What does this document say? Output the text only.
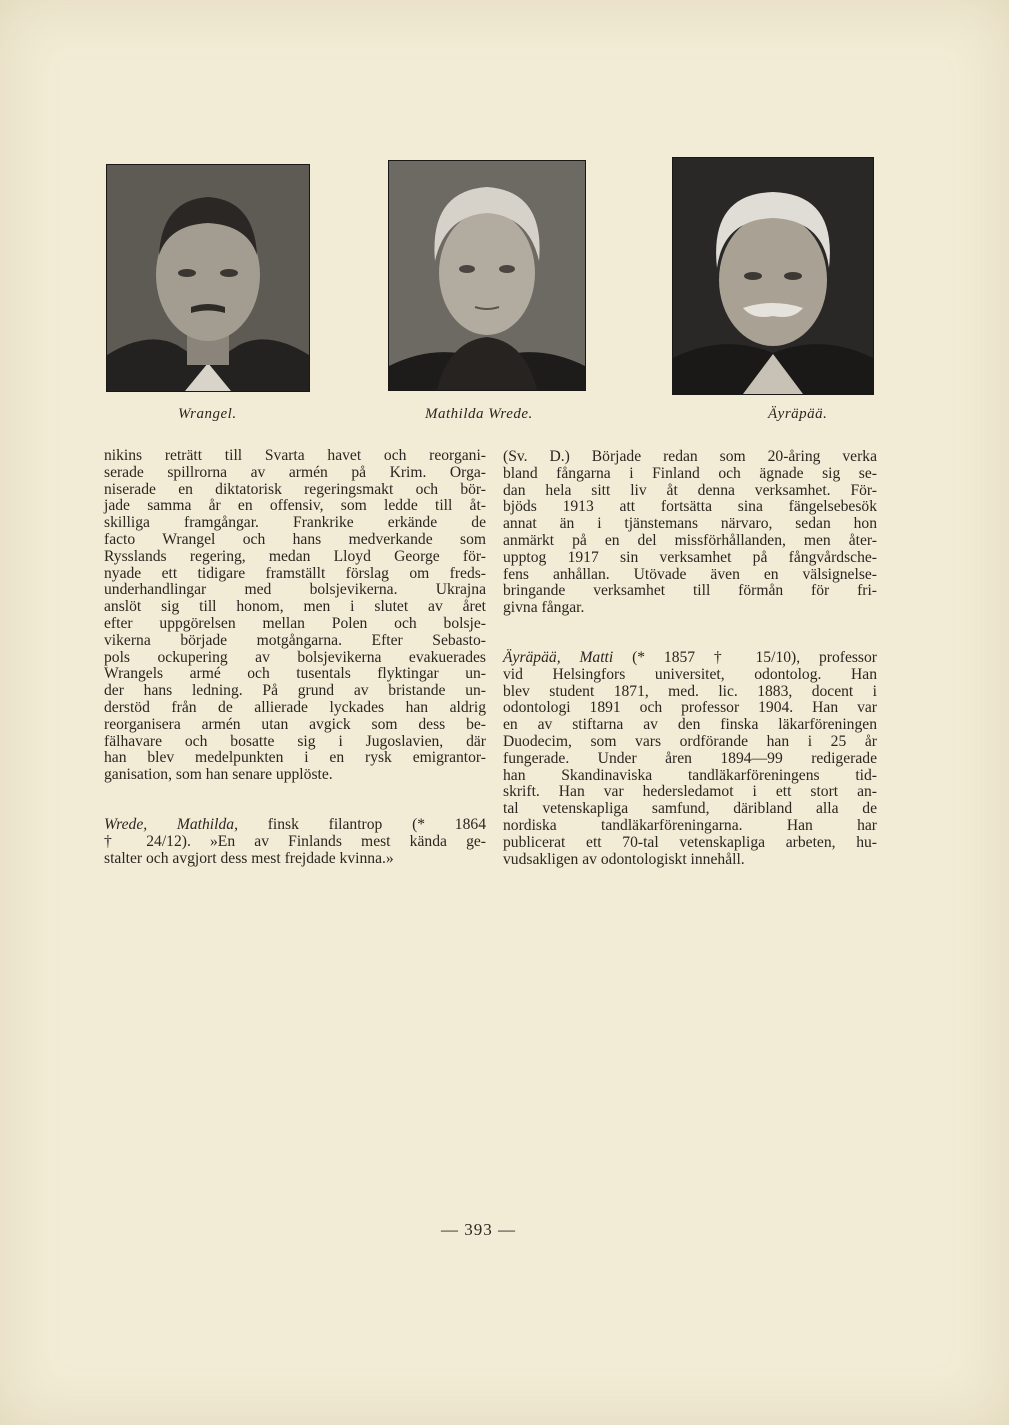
Wrangel.	Mathilda Wrede.	Äyräpää.

nikins reträtt till Svarta havet och reorgani-
serade spillrorna av armén på Krim. Orga-
niserade en diktatorisk regeringsmakt och bör-
jade samma år en offensiv, som ledde till åt-
skilliga framgångar. Frankrike erkände de
facto Wrangel och hans medverkande som
Rysslands regering, medan Lloyd George för-
nyade ett tidigare framställt förslag om freds-
underhandlingar med bolsjevikerna. Ukrajna
anslöt sig till honom, men i slutet av året
efter uppgörelsen mellan Polen och bolsje-
vikerna började motgångarna. Efter Sebasto-
pols ockupering av bolsjevikerna evakuerades
Wrangels armé och tusentals flyktingar un-
der hans ledning. På grund av bristande un-
derstöd från de allierade lyckades han aldrig
reorganisera armén utan avgick som dess be-
fälhavare och bosatte sig i Jugoslavien, där
han blev medelpunkten i en rysk emigrantor-
ganisation, som han senare upplöste.

Wrede, Mathilda, finsk filantrop (* 1864
† 24/12). »En av Finlands mest kända ge-
stalter och avgjort dess mest frejdade kvinna.»

(Sv. D.) Började redan som 20-åring verka
bland fångarna i Finland och ägnade sig se-
dan hela sitt liv åt denna verksamhet. För-
bjöds 1913 att fortsätta sina fängelsebesök
annat än i tjänstemans närvaro, sedan hon
anmärkt på en del missförhållanden, men åter-
upptog 1917 sin verksamhet på fångvårdsche-
fens anhållan. Utövade även en välsignelse-
bringande verksamhet till förmån för fri-
givna fångar.

Äyräpää, Matti (* 1857 † 15/10), professor
vid Helsingfors universitet, odontolog. Han
blev student 1871, med. lic. 1883, docent i
odontologi 1891 och professor 1904. Han var
en av stiftarna av den finska läkarföreningen
Duodecim, som vars ordförande han i 25 år
fungerade. Under åren 1894—99 redigerade
han Skandinaviska tandläkarföreningens tid-
skrift. Han var hedersledamot i ett stort an-
tal vetenskapliga samfund, däribland alla de
nordiska tandläkarföreningarna. Han har
publicerat ett 70-tal vetenskapliga arbeten, hu-
vudsakligen av odontologiskt innehåll.

— 393 —
